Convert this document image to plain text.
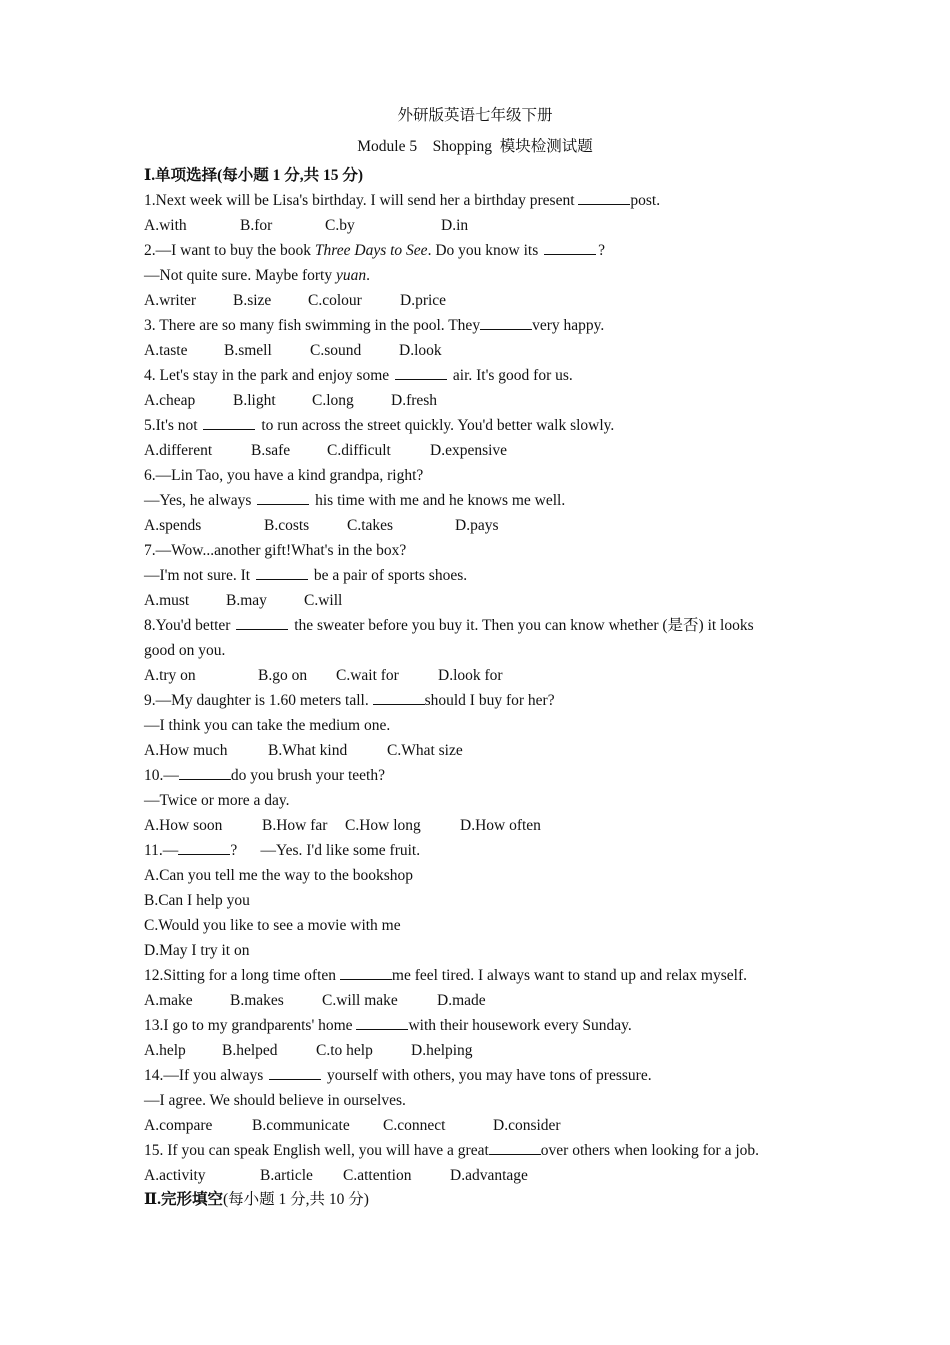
外研版英语七年级下册
Module 5    Shopping  模块检测试题
Ⅰ.单项选择(每小题 1 分,共 15 分)
1.Next week will be Lisa's birthday. I will send her a birthday present	post.
A.with	B.for	C.by	D.in
2.—I want to buy the book Three Days to See. Do you know its	?
—Not quite sure. Maybe forty yuan.
A.writer B.size C.colour D.price
3. There are so many fish swimming in the pool. They	very happy.
A.taste B.smell C.sound D.look
4. Let's stay in the park and enjoy some	air. It's good for us.
A.cheap B.light C.long D.fresh
5.It's not	to run across the street quickly. You'd better walk slowly.
A.different	B.safe C.difficult	D.expensive
6.—Lin Tao, you have a kind grandpa, right?
—Yes, he always	his time with me and he knows me well.
A.spends	B.costs C.takes	D.pays
7.—Wow...another gift!What's in the box?
—I'm not sure. It	be a pair of sports shoes.
A.must B.may C.will
8.You'd better	the sweater before you buy it. Then you can know whether (是否) it looks
good on you.
A.try on	B.go on C.wait for	D.look for
9.—My daughter is 1.60 meters tall.	should I buy for her?
—I think you can take the medium one.
A.How much	B.What kind	C.What size
10.—	do you brush your teeth?
—Twice or more a day.
A.How soon	B.How far C.How long	D.How often
11.—	?      —Yes. I'd like some fruit.
A.Can you tell me the way to the bookshop
B.Can I help you
C.Would you like to see a movie with me
D.May I try it on
12.Sitting for a long time often	me feel tired. I always want to stand up and relax myself.
A.make B.makes C.will make	D.made
13.I go to my grandparents' home	with their housework every Sunday.
A.help B.helped C.to help D.helping
14.—If you always	yourself with others, you may have tons of pressure.
—I agree. We should believe in ourselves.
A.compare	B.communicate C.connect	D.consider
15. If you can speak English well, you will have a great	over others when looking for a job.
A.activity	B.article C.attention D.advantage
Ⅱ.完形填空(每小题 1 分,共 10 分)
